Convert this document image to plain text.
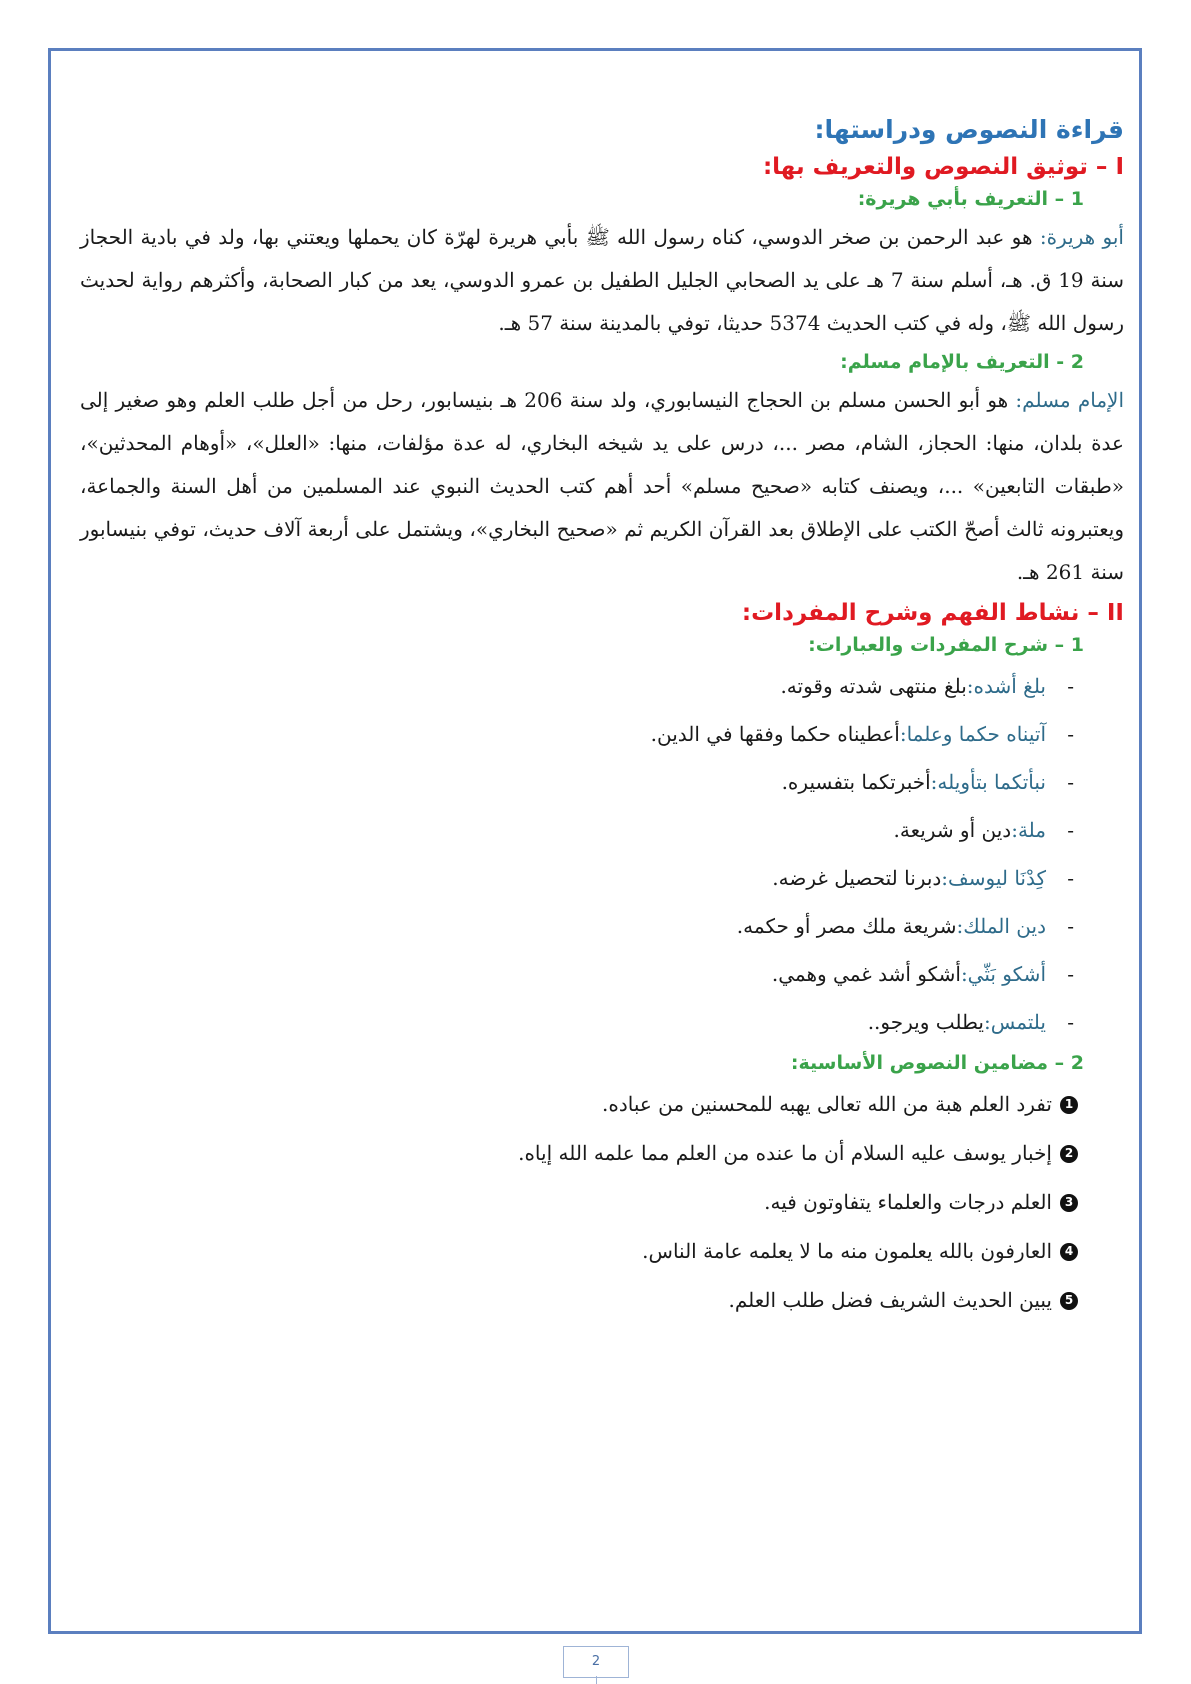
قراءة النصوص ودراستها:
I – توثيق النصوص والتعريف بها:
1 – التعريف بأبي هريرة:

أبو هريرة: هو عبد الرحمن بن صخر الدوسي، كناه رسول الله ﷺ بأبي هريرة لهرّة كان يحملها ويعتني بها، ولد في بادية الحجاز سنة 19 ق. هـ، أسلم سنة 7 هـ على يد الصحابي الجليل الطفيل بن عمرو الدوسي، يعد من كبار الصحابة، وأكثرهم رواية لحديث رسول الله ﷺ، وله في كتب الحديث 5374 حديثا، توفي بالمدينة سنة 57 هـ.

2 - التعريف بالإمام مسلم:

الإمام مسلم: هو أبو الحسن مسلم بن الحجاج النيسابوري، ولد سنة 206 هـ بنيسابور، رحل من أجل طلب العلم وهو صغير إلى عدة بلدان، منها: الحجاز، الشام، مصر ...، درس على يد شيخه البخاري، له عدة مؤلفات، منها: «العلل»، «أوهام المحدثين»، «طبقات التابعين» ...، ويصنف كتابه «صحيح مسلم» أحد أهم كتب الحديث النبوي عند المسلمين من أهل السنة والجماعة، ويعتبرونه ثالث أصحّ الكتب على الإطلاق بعد القرآن الكريم ثم «صحيح البخاري»، ويشتمل على أربعة آلاف حديث، توفي بنيسابور سنة 261 هـ.

II – نشاط الفهم وشرح المفردات:
1 – شرح المفردات والعبارات:
-
بلغ أشده:
بلغ منتهى شدته وقوته.
-
آتيناه حكما وعلما:
أعطيناه حكما وفقها في الدين.
-
نبأتكما بتأويله:
أخبرتكما بتفسيره.
-
ملة:
دين أو شريعة.
-
كِدْنَا ليوسف:
دبرنا لتحصيل غرضه.
-
دين الملك:
شريعة ملك مصر أو حكمه.
-
أشكو بَثّي:
أشكو أشد غمي وهمي.
-
يلتمس:
يطلب ويرجو..
2 – مضامين النصوص الأساسية:
1
تفرد العلم هبة من الله تعالى يهبه للمحسنين من عباده.
2
إخبار يوسف عليه السلام أن ما عنده من العلم مما علمه الله إياه.
3
العلم درجات والعلماء يتفاوتون فيه.
4
العارفون بالله يعلمون منه ما لا يعلمه عامة الناس.
5
يبين الحديث الشريف فضل طلب العلم.
2
